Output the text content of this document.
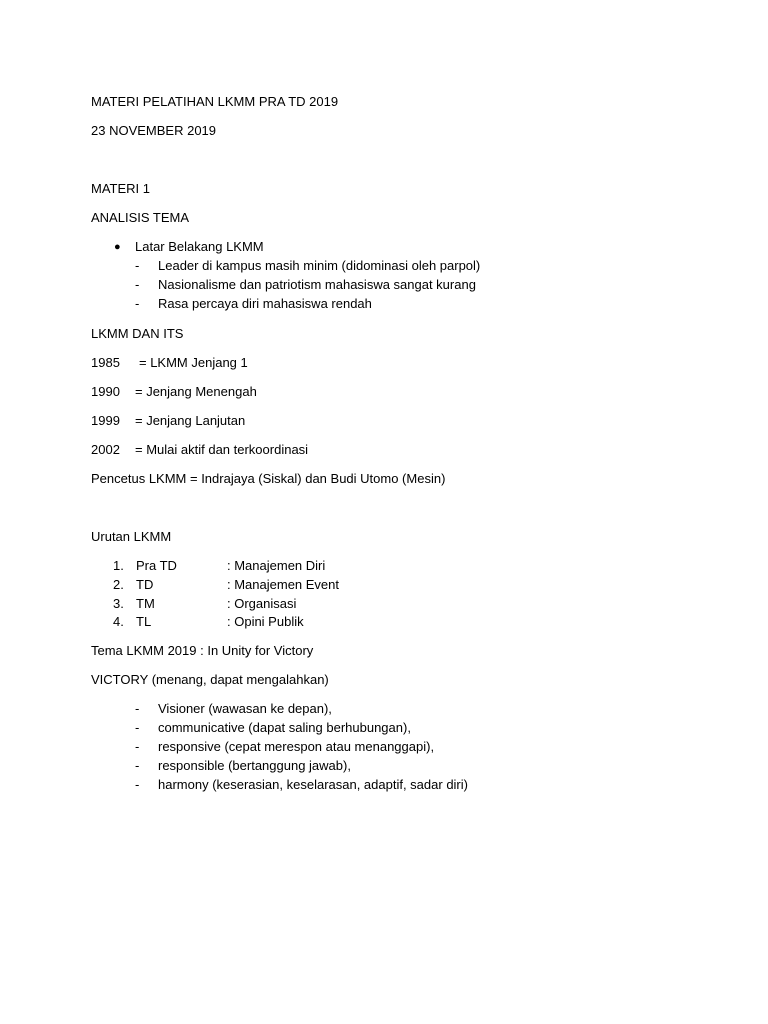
MATERI PELATIHAN LKMM PRA TD 2019
23 NOVEMBER 2019
MATERI 1
ANALISIS TEMA
● Latar Belakang LKMM
- Leader di kampus masih minim (didominasi oleh parpol)
- Nasionalisme dan patriotism mahasiswa sangat kurang
- Rasa percaya diri mahasiswa rendah
LKMM DAN ITS
1985 = LKMM Jenjang 1
1990 = Jenjang Menengah
1999 = Jenjang Lanjutan
2002 = Mulai aktif dan terkoordinasi
Pencetus LKMM = Indrajaya (Siskal) dan Budi Utomo (Mesin)
Urutan LKMM
1. Pra TD	: Manajemen Diri
2. TD	: Manajemen Event
3. TM	: Organisasi
4. TL	: Opini Publik
Tema LKMM 2019 : In Unity for Victory
VICTORY (menang, dapat mengalahkan)
- Visioner (wawasan ke depan),
- communicative (dapat saling berhubungan),
- responsive (cepat merespon atau menanggapi),
- responsible (bertanggung jawab),
- harmony (keserasian, keselarasan, adaptif, sadar diri)
